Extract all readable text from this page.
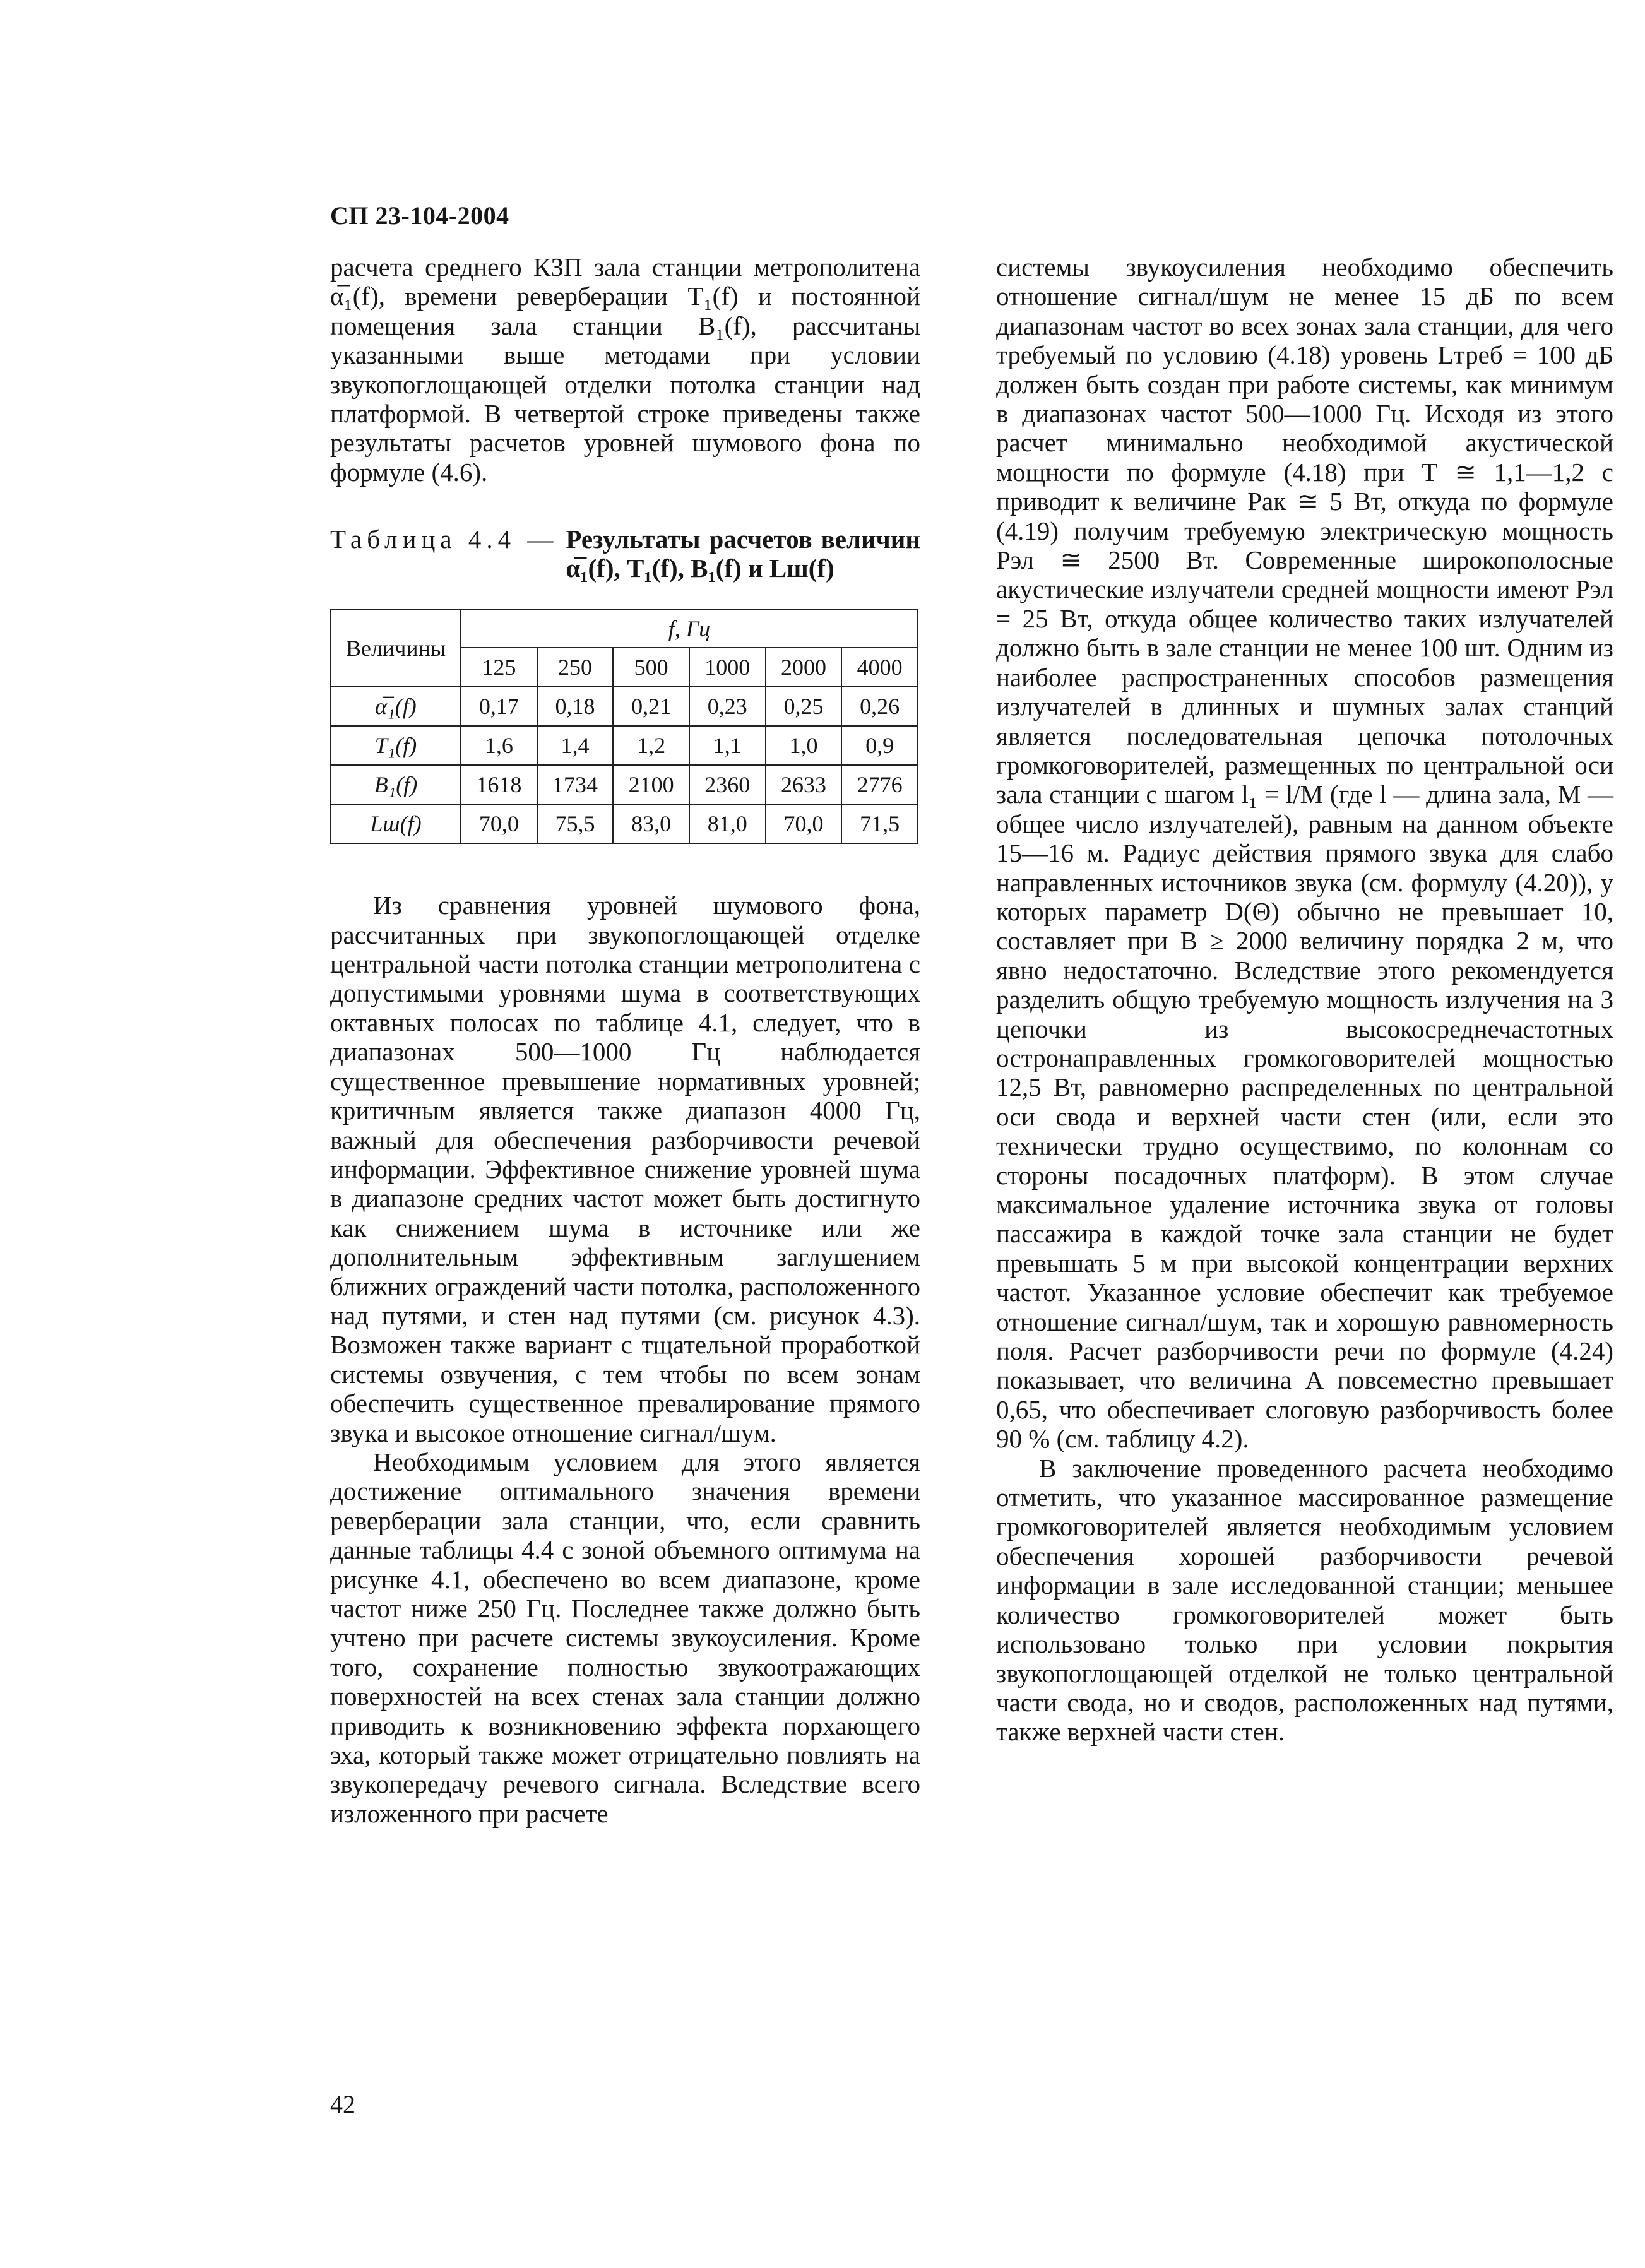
СП 23-104-2004

расчета среднего КЗП зала станции метрополитена α̅₁(f), времени реверберации T₁(f) и постоянной помещения зала станции В₁(f), рассчитаны указанными выше методами при условии звукопоглощающей отделки потолка станции над платформой. В четвертой строке приведены также результаты расчетов уровней шумового фона по формуле (4.6).

Таблица 4.4 — Результаты расчетов величин α̅₁(f), T₁(f), В₁(f) и Lш(f)
Величины	f, Гц					
	125	250	500	1000	2000	4000
α̅₁(f)	0,17	0,18	0,21	0,23	0,25	0,26
T₁(f)	1,6	1,4	1,2	1,1	1,0	0,9
В₁(f)	1618	1734	2100	2360	2633	2776
Lш(f)	70,0	75,5	83,0	81,0	70,0	71,5

Из сравнения уровней шумового фона, рассчитанных при звукопоглощающей отделке центральной части потолка станции метрополитена с допустимыми уровнями шума в соответствующих октавных полосах по таблице 4.1, следует, что в диапазонах 500—1000 Гц наблюдается существенное превышение нормативных уровней; критичным является также диапазон 4000 Гц, важный для обеспечения разборчивости речевой информации. Эффективное снижение уровней шума в диапазоне средних частот может быть достигнуто как снижением шума в источнике или же дополнительным эффективным заглушением ближних ограждений части потолка, расположенного над путями, и стен над путями (см. рисунок 4.3). Возможен также вариант с тщательной проработкой системы озвучения, с тем чтобы по всем зонам обеспечить существенное превалирование прямого звука и высокое отношение сигнал/шум.

Необходимым условием для этого является достижение оптимального значения времени реверберации зала станции, что, если сравнить данные таблицы 4.4 с зоной объемного оптимума на рисунке 4.1, обеспечено во всем диапазоне, кроме частот ниже 250 Гц. Последнее также должно быть учтено при расчете системы звукоусиления. Кроме того, сохранение полностью звукоотражающих поверхностей на всех стенах зала станции должно приводить к возникновению эффекта порхающего эха, который также может отрицательно повлиять на звукопередачу речевого сигнала. Вследствие всего изложенного при расчете

системы звукоусиления необходимо обеспечить отношение сигнал/шум не менее 15 дБ по всем диапазонам частот во всех зонах зала станции, для чего требуемый по условию (4.18) уровень Lтреб = 100 дБ должен быть создан при работе системы, как минимум в диапазонах частот 500—1000 Гц. Исходя из этого расчет минимально необходимой акустической мощности по формуле (4.18) при T ≅ 1,1—1,2 с приводит к величине Pак ≅ 5 Вт, откуда по формуле (4.19) получим требуемую электрическую мощность Pэл ≅ 2500 Вт. Современные широкополосные акустические излучатели средней мощности имеют Pэл = 25 Вт, откуда общее количество таких излучателей должно быть в зале станции не менее 100 шт. Одним из наиболее распространенных способов размещения излучателей в длинных и шумных залах станций является последовательная цепочка потолочных громкоговорителей, размещенных по центральной оси зала станции с шагом l₁ = l/M (где l — длина зала, M — общее число излучателей), равным на данном объекте 15—16 м. Радиус действия прямого звука для слабо направленных источников звука (см. формулу (4.20)), у которых параметр D(Θ) обычно не превышает 10, составляет при В ≥ 2000 величину порядка 2 м, что явно недостаточно. Вследствие этого рекомендуется разделить общую требуемую мощность излучения на 3 цепочки из высокосреднечастотных остронаправленных громкоговорителей мощностью 12,5 Вт, равномерно распределенных по центральной оси свода и верхней части стен (или, если это технически трудно осуществимо, по колоннам со стороны посадочных платформ). В этом случае максимальное удаление источника звука от головы пассажира в каждой точке зала станции не будет превышать 5 м при высокой концентрации верхних частот. Указанное условие обеспечит как требуемое отношение сигнал/шум, так и хорошую равномерность поля. Расчет разборчивости речи по формуле (4.24) показывает, что величина А повсеместно превышает 0,65, что обеспечивает слоговую разборчивость более 90 % (см. таблицу 4.2).

В заключение проведенного расчета необходимо отметить, что указанное массированное размещение громкоговорителей является необходимым условием обеспечения хорошей разборчивости речевой информации в зале исследованной станции; меньшее количество громкоговорителей может быть использовано только при условии покрытия звукопоглощающей отделкой не только центральной части свода, но и сводов, расположенных над путями, также верхней части стен.

42
